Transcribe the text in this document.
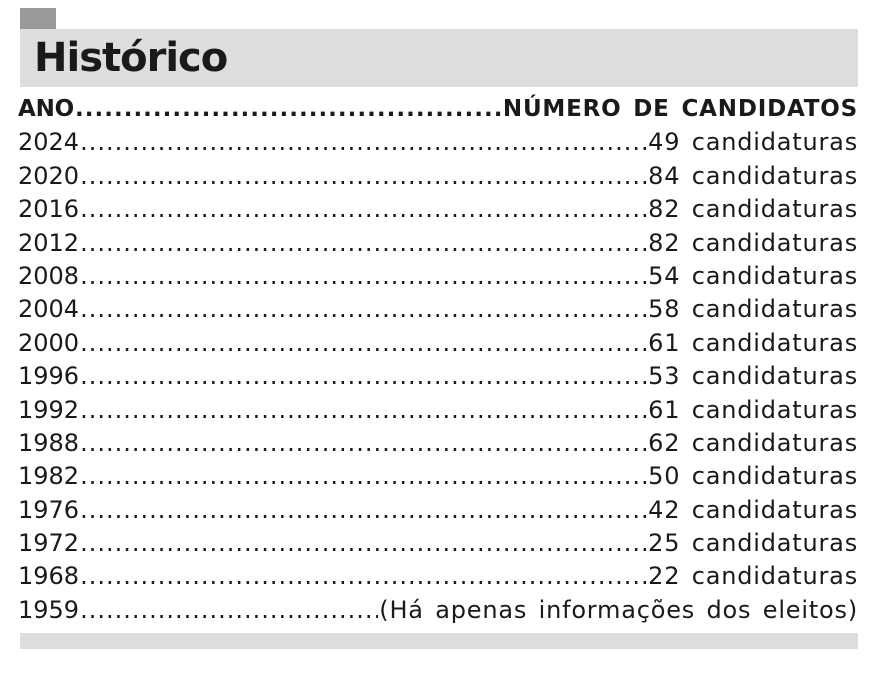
Histórico
ANO .....	NÚMERO DE CANDIDATOS
2024 .....	49 candidaturas
2020 .....	84 candidaturas
2016 .....	82 candidaturas
2012 .....	82 candidaturas
2008 .....	54 candidaturas
2004 .....	58 candidaturas
2000 .....	61 candidaturas
1996 .....	53 candidaturas
1992 .....	61 candidaturas
1988 .....	62 candidaturas
1982 .....	50 candidaturas
1976 .....	42 candidaturas
1972 .....	25 candidaturas
1968 .....	22 candidaturas
1959 .....	(Há apenas informações dos eleitos)
